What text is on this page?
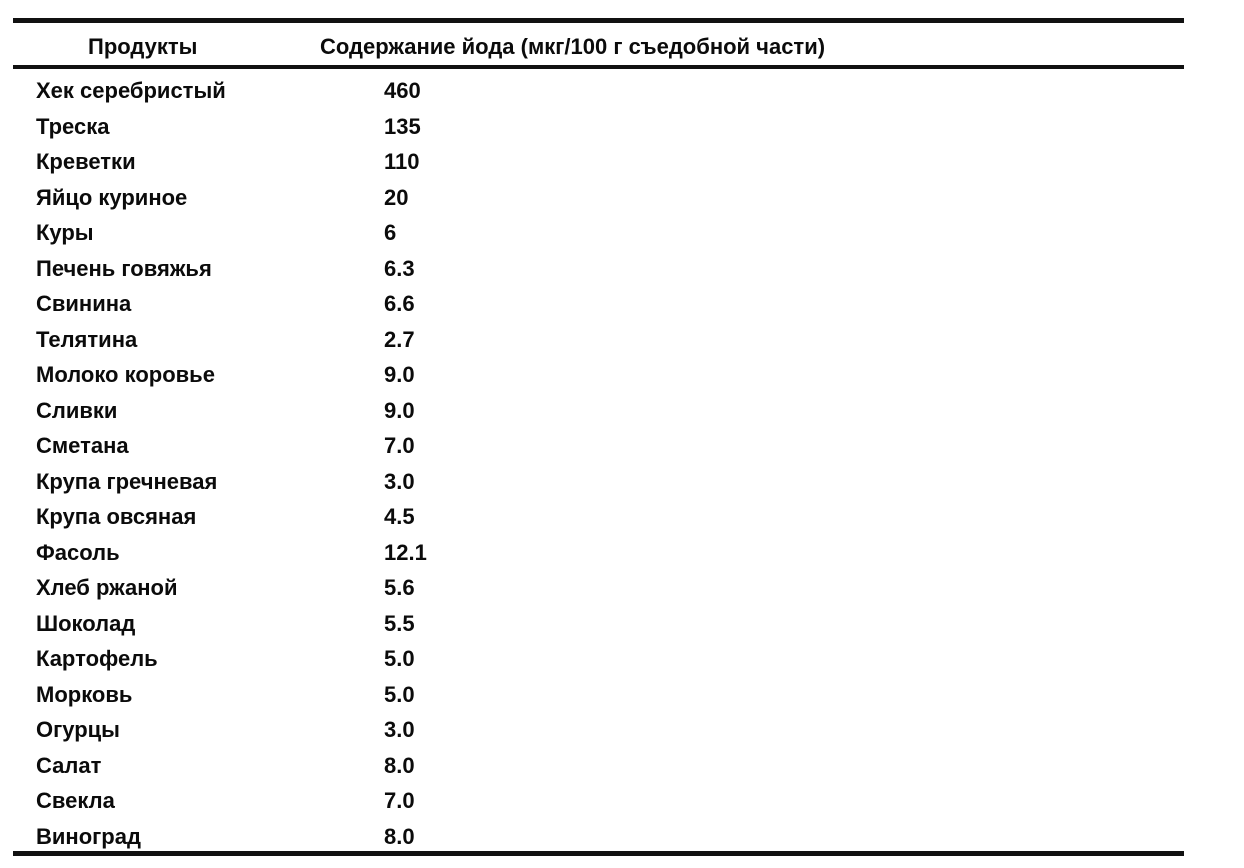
Продукты	Содержание йода (мкг/100 г съедобной части)
Хек серебристый	460
Треска	135
Креветки	110
Яйцо куриное	20
Куры	6
Печень говяжья	6.3
Свинина	6.6
Телятина	2.7
Молоко коровье	9.0
Сливки	9.0
Сметана	7.0
Крупа гречневая	3.0
Крупа овсяная	4.5
Фасоль	12.1
Хлеб ржаной	5.6
Шоколад	5.5
Картофель	5.0
Морковь	5.0
Огурцы	3.0
Салат	8.0
Свекла	7.0
Виноград	8.0
